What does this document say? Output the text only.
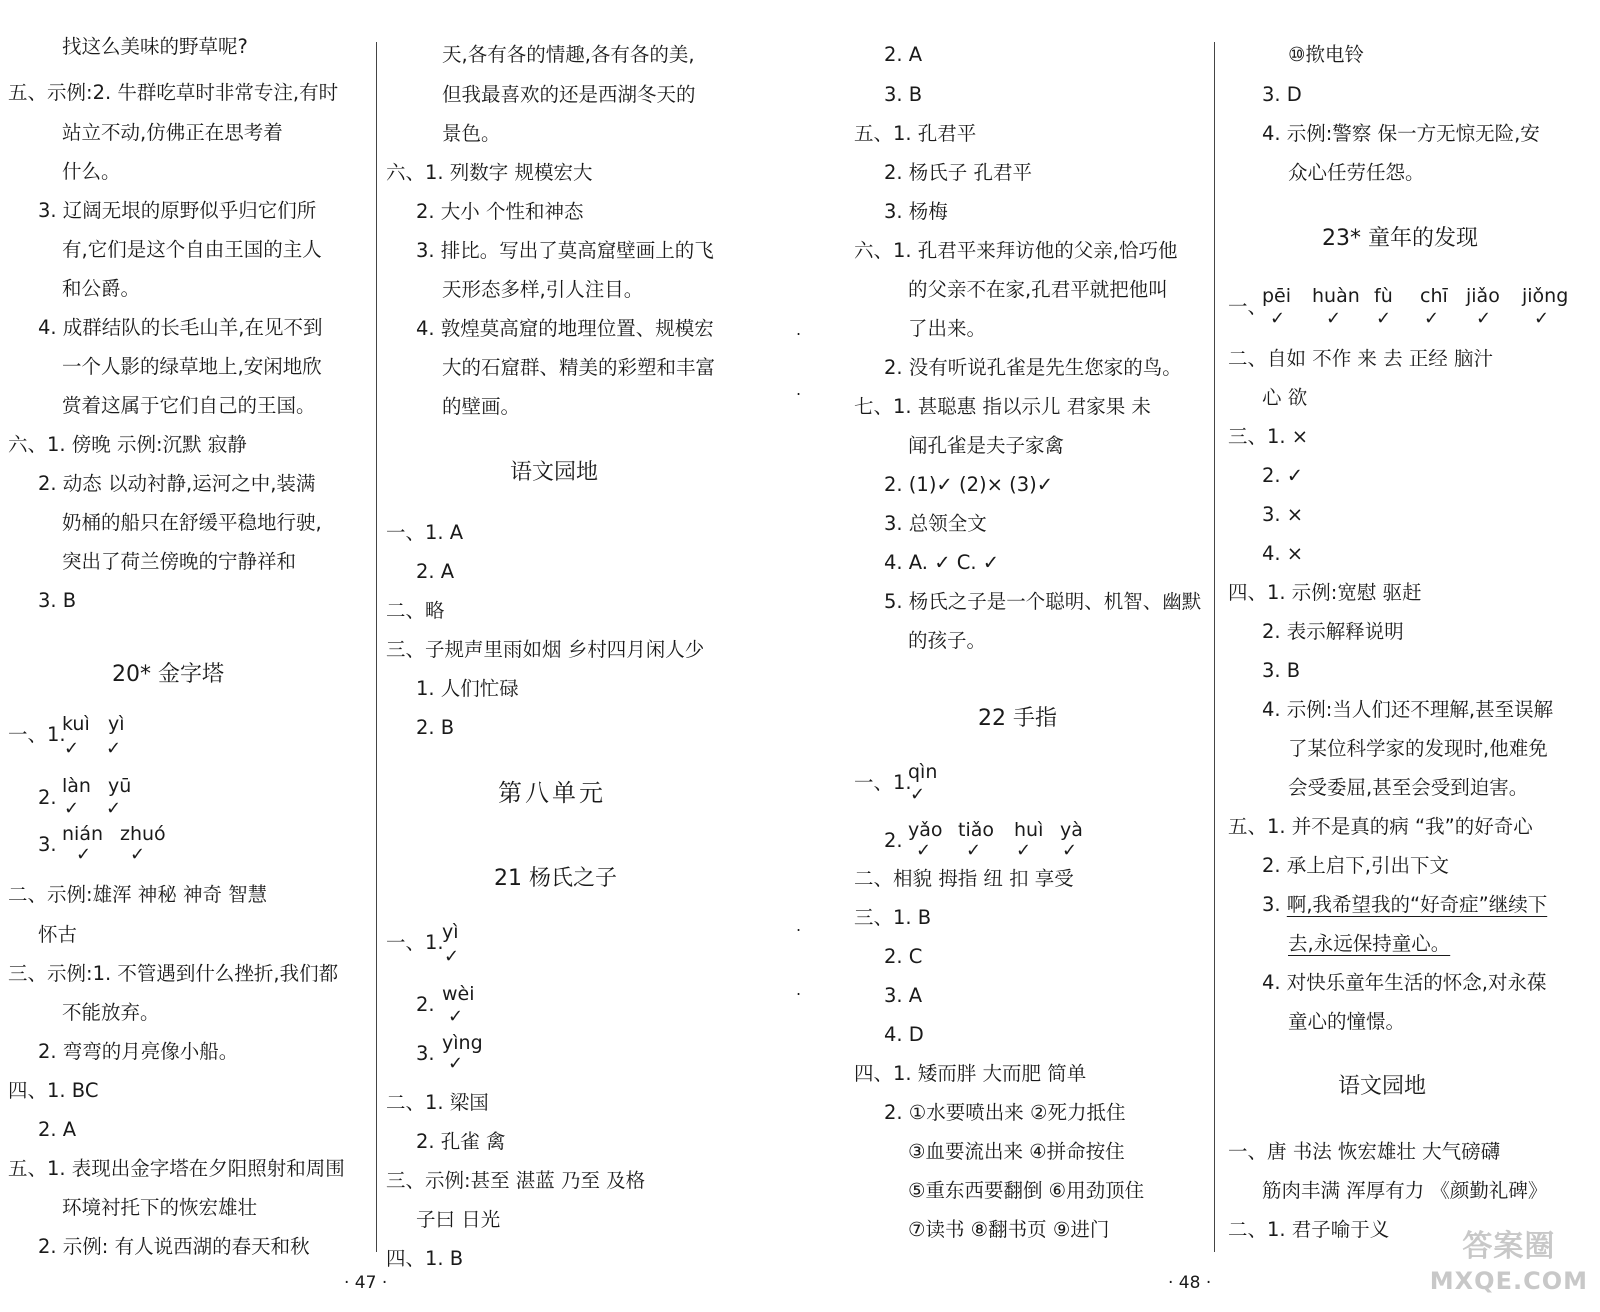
找这么美味的野草呢?
五、示例:2. 牛群吃草时非常专注,有时
站立不动,仿佛正在思考着
什么。
3. 辽阔无垠的原野似乎归它们所
有,它们是这个自由王国的主人
和公爵。
4. 成群结队的长毛山羊,在见不到
一个人影的绿草地上,安闲地欣
赏着这属于它们自己的王国。
六、1. 傍晚 示例:沉默 寂静
2. 动态 以动衬静,运河之中,装满
奶桶的船只在舒缓平稳地行驶,
突出了荷兰傍晚的宁静祥和
3. B
20* 金字塔
一、1.
kuì yì
✓ ✓
2. làn yū
✓ ✓
3. nián zhuó
✓ ✓
二、示例:雄浑 神秘 神奇 智慧
怀古
三、示例:1. 不管遇到什么挫折,我们都
不能放弃。
2. 弯弯的月亮像小船。
四、1. BC
2. A
五、1. 表现出金字塔在夕阳照射和周围
环境衬托下的恢宏雄壮
2. 示例: 有人说西湖的春天和秋
天,各有各的情趣,各有各的美,
但我最喜欢的还是西湖冬天的
景色。
六、1. 列数字 规模宏大
2. 大小 个性和神态
3. 排比。写出了莫高窟壁画上的飞
天形态多样,引人注目。
4. 敦煌莫高窟的地理位置、规模宏
大的石窟群、精美的彩塑和丰富
的壁画。
语文园地
一、1. A
2. A
二、略
三、子规声里雨如烟 乡村四月闲人少
1. 人们忙碌
2. B
第八单元
21 杨氏之子
一、1.
yì
✓
2. wèi
✓
3. yìng
✓
二、1. 梁国
2. 孔雀 禽
三、示例:甚至 湛蓝 乃至 及格
子曰 日光
四、1. B
.
.
.
.
2. A
3. B
五、1. 孔君平
2. 杨氏子 孔君平
3. 杨梅
六、1. 孔君平来拜访他的父亲,恰巧他
的父亲不在家,孔君平就把他叫
了出来。
2. 没有听说孔雀是先生您家的鸟。
七、1. 甚聪惠 指以示儿 君家果 未
闻孔雀是夫子家禽
2. (1)✓ (2)× (3)✓
3. 总领全文
4. A. ✓ C. ✓
5. 杨氏之子是一个聪明、机智、幽默
的孩子。
22 手指
一、1.
qìn
✓
2. yǎo tiǎo huì yà
✓ ✓ ✓ ✓
二、相貌 拇指 纽 扣 享受
三、1. B
2. C
3. A
4. D
四、1. 矮而胖 大而肥 简单
2. ①水要喷出来 ②死力抵住
③血要流出来 ④拼命按住
⑤重东西要翻倒 ⑥用劲顶住
⑦读书 ⑧翻书页 ⑨进门
⑩揿电铃
3. D
4. 示例:警察 保一方无惊无险,安
众心任劳任怨。
23* 童年的发现
一、
pēi huàn fù chī jiǎo jiǒng
✓ ✓ ✓ ✓ ✓ ✓
二、自如 不作 来 去 正经 脑汁
心 欲
三、1. ×
2. ✓
3. ×
4. ×
四、1. 示例:宽慰 驱赶
2. 表示解释说明
3. B
4. 示例:当人们还不理解,甚至误解
了某位科学家的发现时,他难免
会受委屈,甚至会受到迫害。
五、1. 并不是真的病 “我”的好奇心
2. 承上启下,引出下文
3. 啊,我希望我的“好奇症”继续下
去,永远保持童心。
4. 对快乐童年生活的怀念,对永葆
童心的憧憬。
语文园地
一、唐 书法 恢宏雄壮 大气磅礴
筋肉丰满 浑厚有力 《颜勤礼碑》
二、1. 君子喻于义
· 47 ·	· 48 ·
答案圈
MXQE.COM
